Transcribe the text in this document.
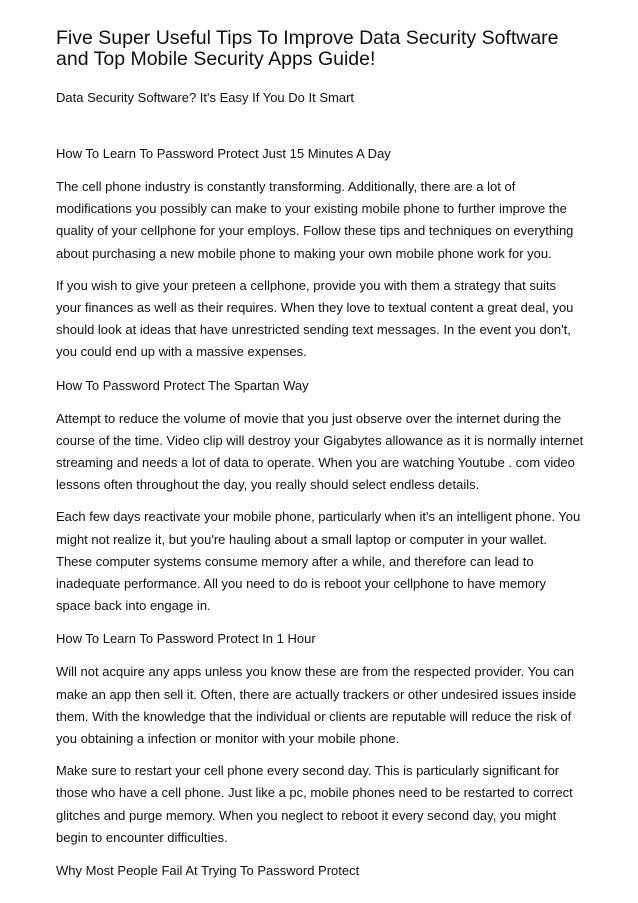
Five Super Useful Tips To Improve Data Security Software and Top Mobile Security Apps Guide!

Data Security Software? It's Easy If You Do It Smart

How To Learn To Password Protect Just 15 Minutes A Day

The cell phone industry is constantly transforming. Additionally, there are a lot of modifications you possibly can make to your existing mobile phone to further improve the quality of your cellphone for your employs. Follow these tips and techniques on everything about purchasing a new mobile phone to making your own mobile phone work for you.

If you wish to give your preteen a cellphone, provide you with them a strategy that suits your finances as well as their requires. When they love to textual content a great deal, you should look at ideas that have unrestricted sending text messages. In the event you don't, you could end up with a massive expenses.

How To Password Protect The Spartan Way

Attempt to reduce the volume of movie that you just observe over the internet during the course of the time. Video clip will destroy your Gigabytes allowance as it is normally internet streaming and needs a lot of data to operate. When you are watching Youtube . com video lessons often throughout the day, you really should select endless details.

Each few days reactivate your mobile phone, particularly when it's an intelligent phone. You might not realize it, but you're hauling about a small laptop or computer in your wallet. These computer systems consume memory after a while, and therefore can lead to inadequate performance. All you need to do is reboot your cellphone to have memory space back into engage in.

How To Learn To Password Protect In 1 Hour

Will not acquire any apps unless you know these are from the respected provider. You can make an app then sell it. Often, there are actually trackers or other undesired issues inside them. With the knowledge that the individual or clients are reputable will reduce the risk of you obtaining a infection or monitor with your mobile phone.

Make sure to restart your cell phone every second day. This is particularly significant for those who have a cell phone. Just like a pc, mobile phones need to be restarted to correct glitches and purge memory. When you neglect to reboot it every second day, you might begin to encounter difficulties.

Why Most People Fail At Trying To Password Protect
